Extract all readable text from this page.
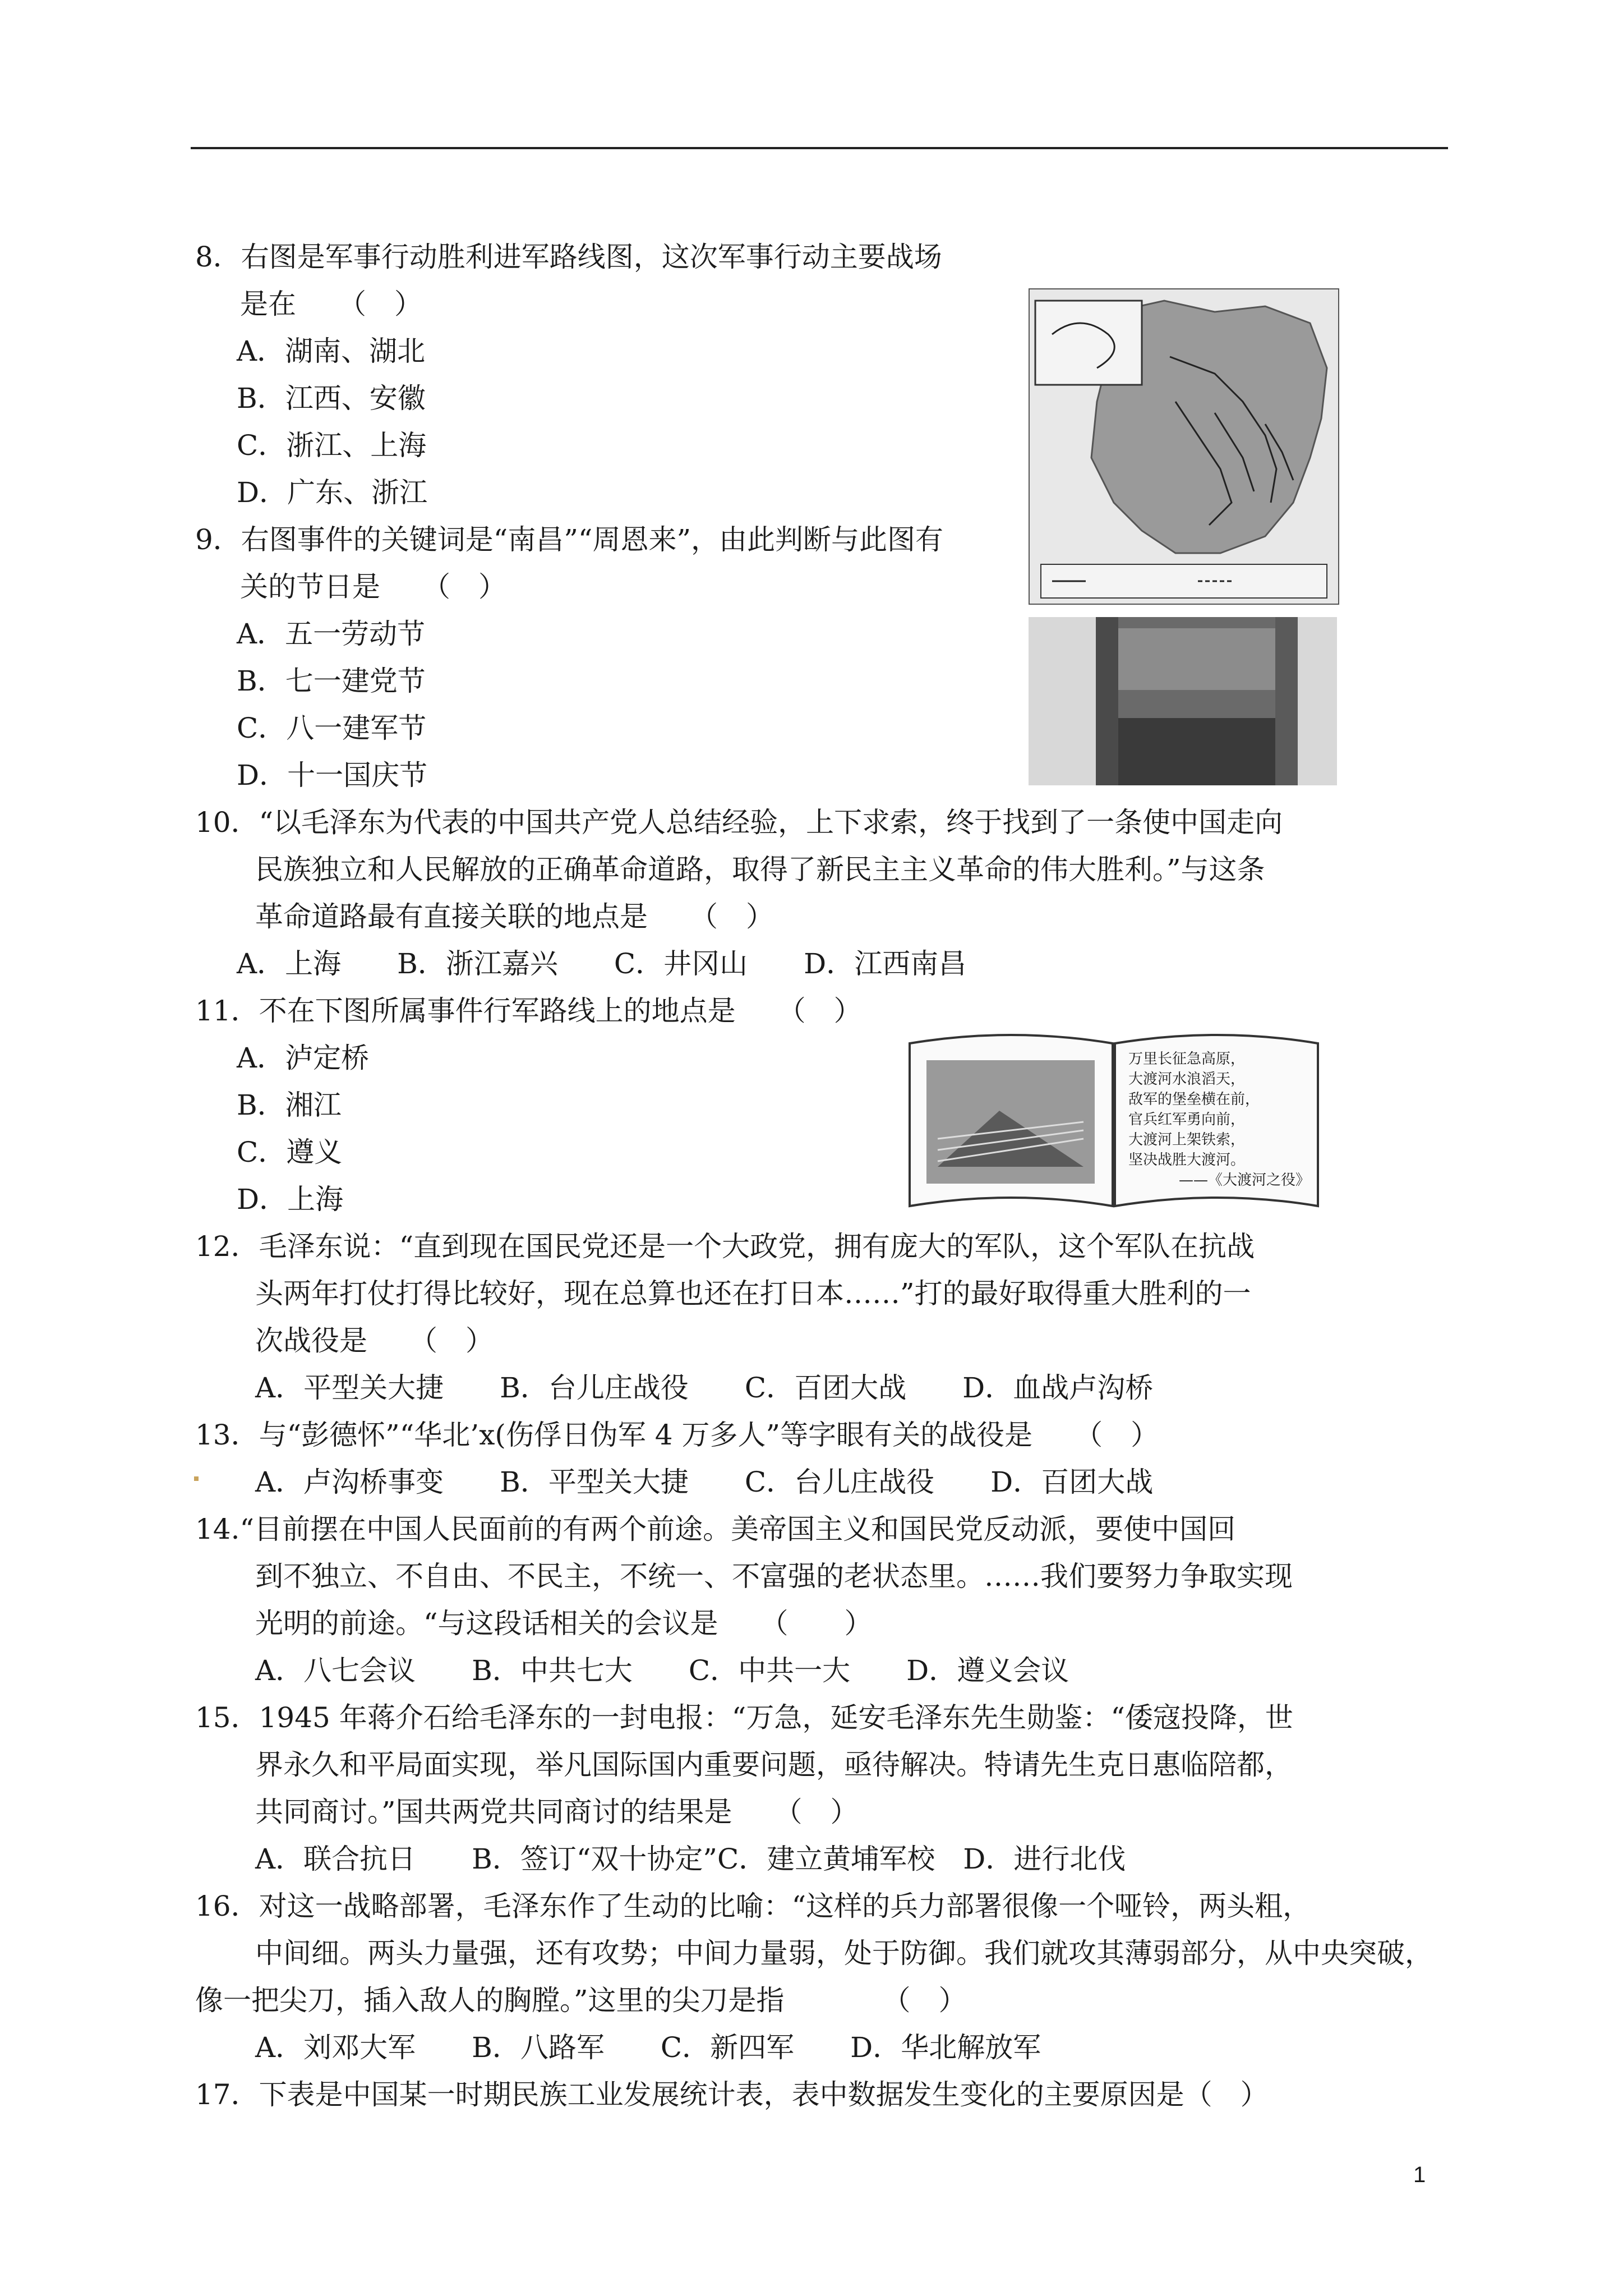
8．右图是军事行动胜利进军路线图，这次军事行动主要战场
是在　　（　）
A．湖南、湖北
B．江西、安徽
C．浙江、上海
D．广东、浙江
9．右图事件的关键词是“南昌”“周恩来”，由此判断与此图有
关的节日是　　（　）
A．五一劳动节
B．七一建党节
C．八一建军节
D．十一国庆节
10．“以毛泽东为代表的中国共产党人总结经验，上下求索，终于找到了一条使中国走向
民族独立和人民解放的正确革命道路，取得了新民主主义革命的伟大胜利。”与这条
革命道路最有直接关联的地点是　　（　）
A．上海　　B．浙江嘉兴　　C．井冈山　　D．江西南昌
11．不在下图所属事件行军路线上的地点是　　（　）
A．泸定桥
B．湘江
C．遵义
D．上海
万里长征急高原，
大渡河水浪滔天，
敌军的堡垒横在前，
官兵红军勇向前，
大渡河上架铁索，
坚决战胜大渡河。
——《大渡河之役》
12．毛泽东说：“直到现在国民党还是一个大政党，拥有庞大的军队，这个军队在抗战
头两年打仗打得比较好，现在总算也还在打日本……”打的最好取得重大胜利的一
次战役是　　（　）
A．平型关大捷　　B．台儿庄战役　　C．百团大战　　D．血战卢沟桥
13．与“彭德怀”“华北’x(伤俘日伪军 4 万多人”等字眼有关的战役是　　（　）
A．卢沟桥事变　　B．平型关大捷　　C．台儿庄战役　　D．百团大战
14.“目前摆在中国人民面前的有两个前途。美帝国主义和国民党反动派，要使中国回
到不独立、不自由、不民主，不统一、不富强的老状态里。……我们要努力争取实现
光明的前途。“与这段话相关的会议是　　（　　）
A．八七会议　　B．中共七大　　C．中共一大　　D．遵义会议
15．1945 年蒋介石给毛泽东的一封电报：“万急，延安毛泽东先生勋鉴：“倭寇投降，世
界永久和平局面实现，举凡国际国内重要问题，亟待解决。特请先生克日惠临陪都，
共同商讨。”国共两党共同商讨的结果是　　（　）
A．联合抗日　　B．签订“双十协定”C．建立黄埔军校　D．进行北伐
16．对这一战略部署，毛泽东作了生动的比喻：“这样的兵力部署很像一个哑铃，两头粗，
中间细。两头力量强，还有攻势；中间力量弱，处于防御。我们就攻其薄弱部分，从中央突破，
像一把尖刀，插入敌人的胸膛。”这里的尖刀是指　　　　（　）
A．刘邓大军　　B．八路军　　C．新四军　　D．华北解放军
17．下表是中国某一时期民族工业发展统计表，表中数据发生变化的主要原因是（　）
1
